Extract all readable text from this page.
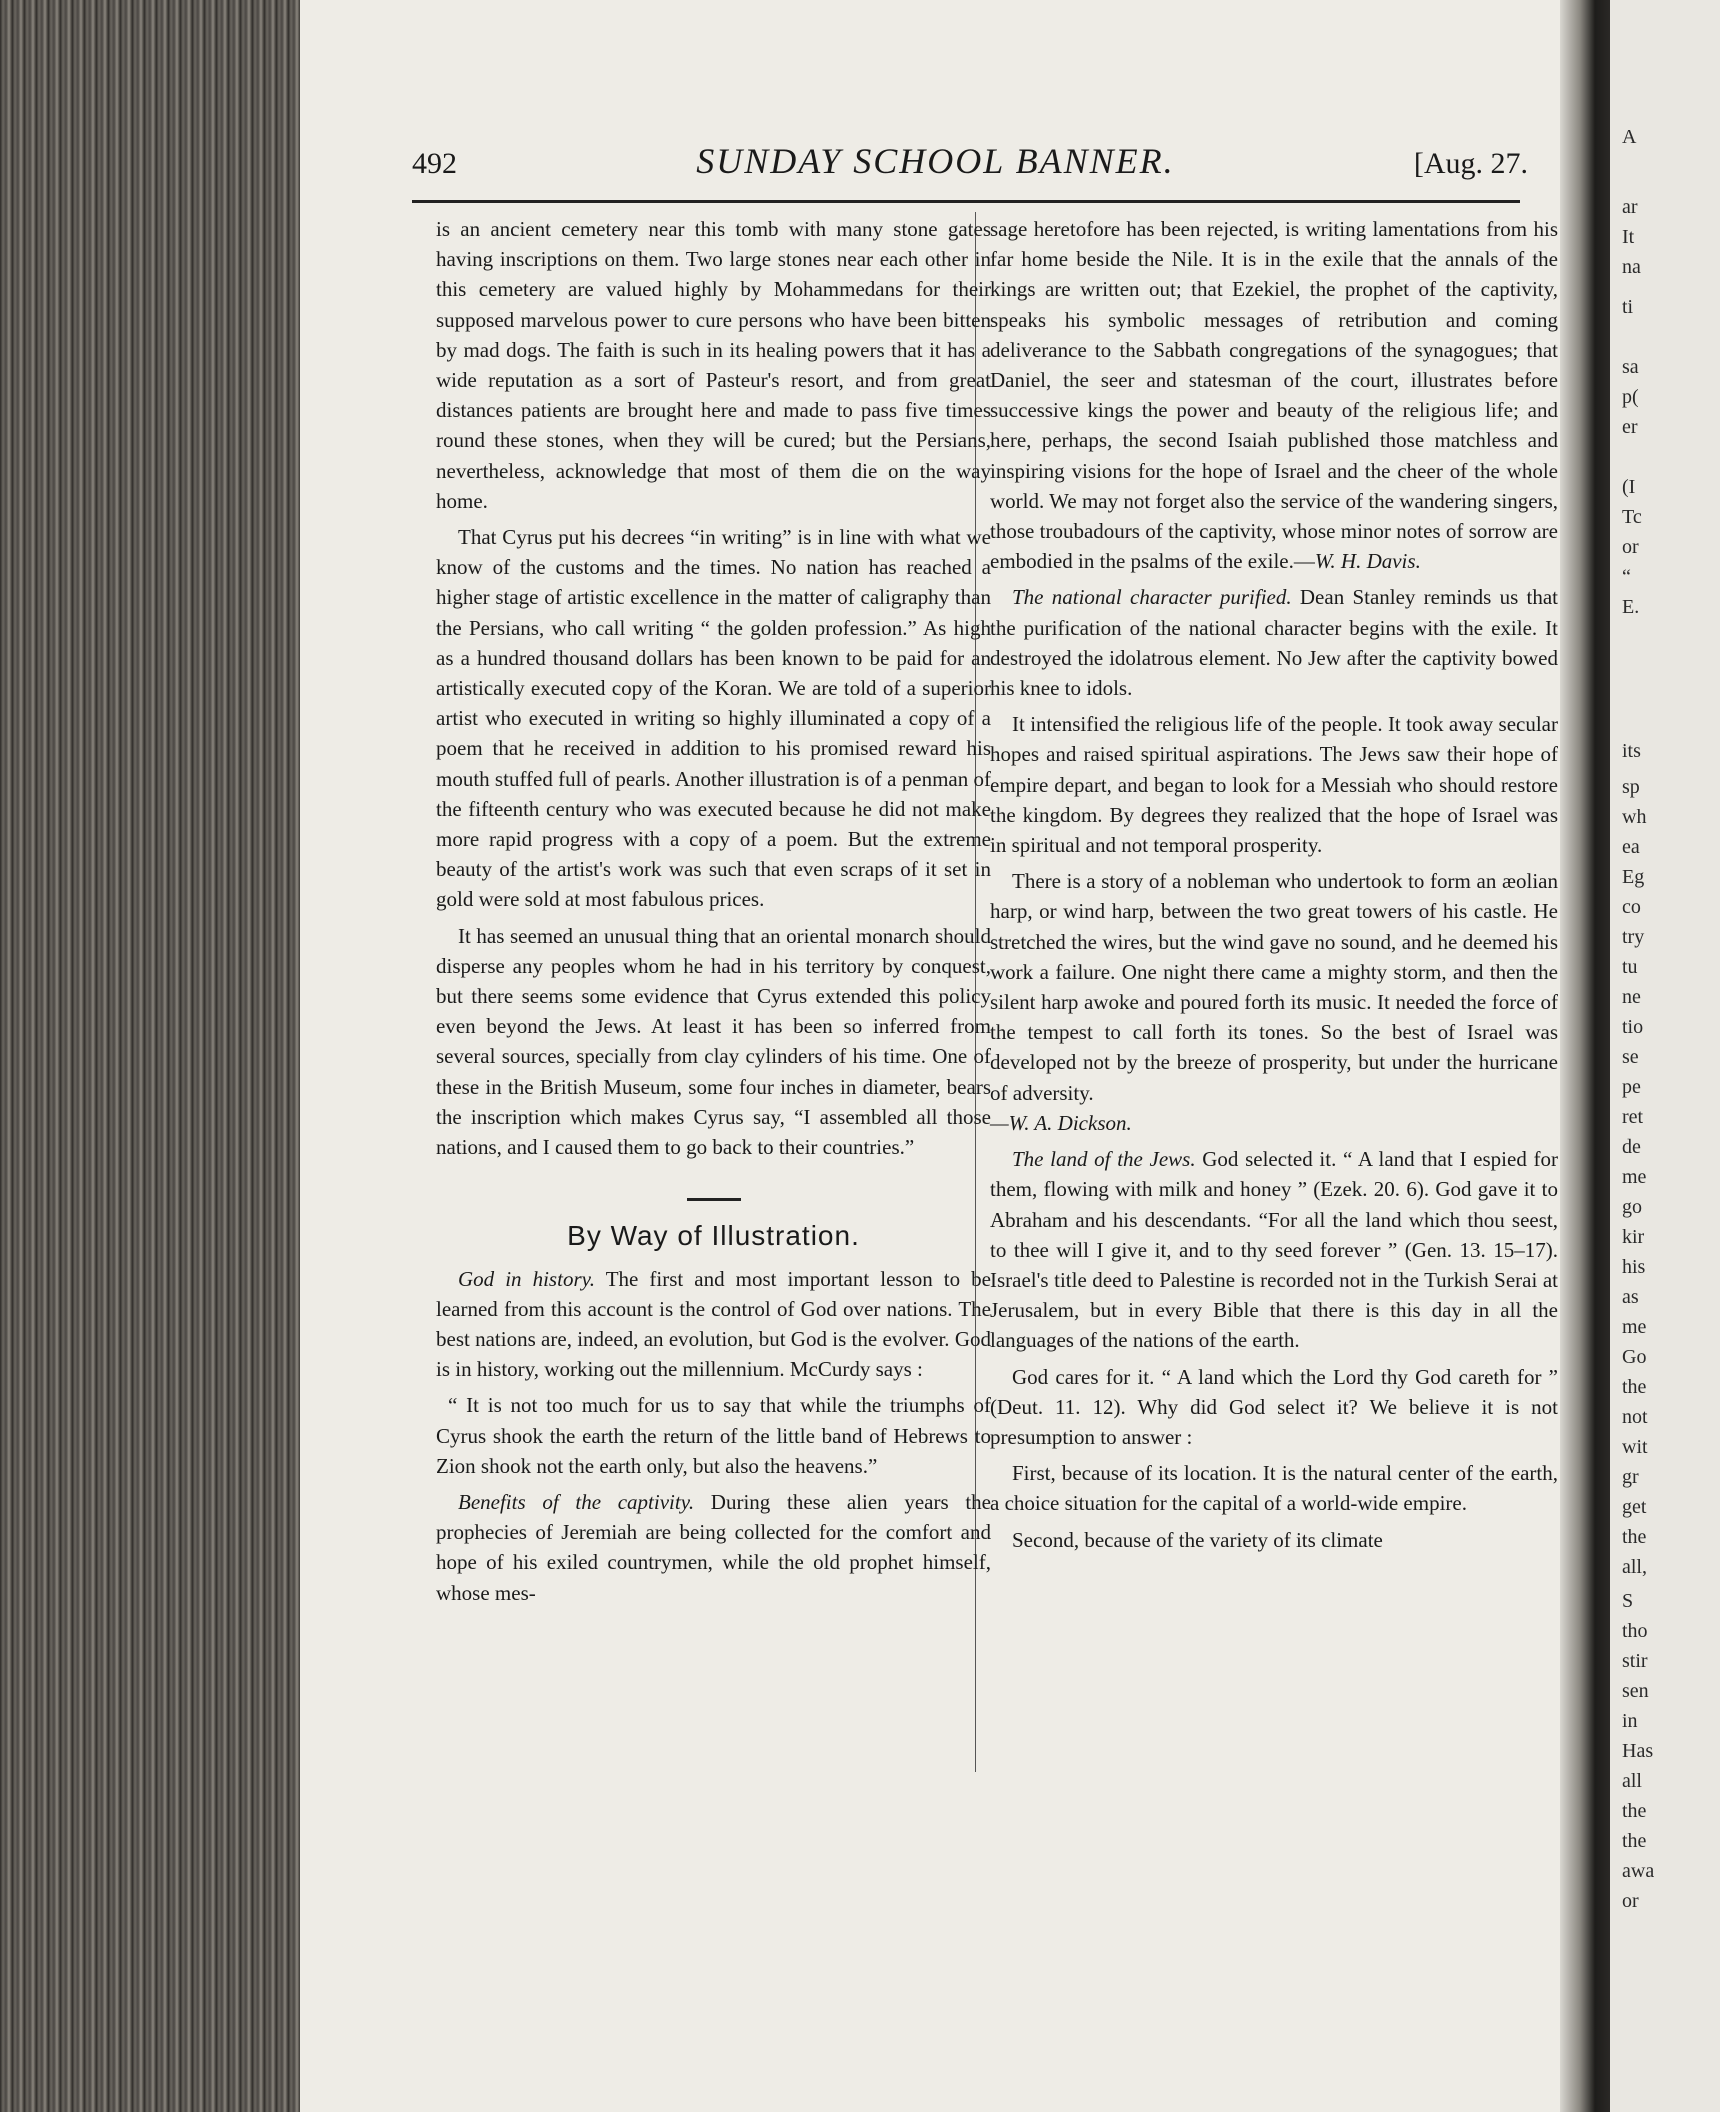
492	SUNDAY SCHOOL BANNER.	[Aug. 27.

is an ancient cemetery near this tomb with many stone gates having inscriptions on them. Two large stones near each other in this cemetery are valued highly by Mohammedans for their supposed marvelous power to cure persons who have been bitten by mad dogs. The faith is such in its healing powers that it has a wide reputation as a sort of Pasteur's resort, and from great distances patients are brought here and made to pass five times round these stones, when they will be cured; but the Persians, nevertheless, acknowledge that most of them die on the way home.

That Cyrus put his decrees “in writing” is in line with what we know of the customs and the times. No nation has reached a higher stage of artistic excellence in the matter of caligraphy than the Persians, who call writing “ the golden profession.” As high as a hundred thousand dollars has been known to be paid for an artistically executed copy of the Koran. We are told of a superior artist who executed in writing so highly illuminated a copy of a poem that he received in addition to his promised reward his mouth stuffed full of pearls. Another illustration is of a penman of the fifteenth century who was executed because he did not make more rapid progress with a copy of a poem. But the extreme beauty of the artist's work was such that even scraps of it set in gold were sold at most fabulous prices.

It has seemed an unusual thing that an oriental monarch should disperse any peoples whom he had in his territory by conquest, but there seems some evidence that Cyrus extended this policy even beyond the Jews. At least it has been so inferred from several sources, specially from clay cylinders of his time. One of these in the British Museum, some four inches in diameter, bears the inscription which makes Cyrus say, “I assembled all those nations, and I caused them to go back to their countries.”

By Way of Illustration.

God in history. The first and most important lesson to be learned from this account is the control of God over nations. The best nations are, indeed, an evolution, but God is the evolver. God is in history, working out the millennium. McCurdy says :

“ It is not too much for us to say that while the triumphs of Cyrus shook the earth the return of the little band of Hebrews to Zion shook not the earth only, but also the heavens.”

Benefits of the captivity. During these alien years the prophecies of Jeremiah are being collected for the comfort and hope of his exiled countrymen, while the old prophet himself, whose mes-

sage heretofore has been rejected, is writing lamentations from his far home beside the Nile. It is in the exile that the annals of the kings are written out; that Ezekiel, the prophet of the captivity, speaks his symbolic messages of retribution and coming deliverance to the Sabbath congregations of the synagogues; that Daniel, the seer and statesman of the court, illustrates before successive kings the power and beauty of the religious life; and here, perhaps, the second Isaiah published those matchless and inspiring visions for the hope of Israel and the cheer of the whole world. We may not forget also the service of the wandering singers, those troubadours of the captivity, whose minor notes of sorrow are embodied in the psalms of the exile.—W. H. Davis.

The national character purified. Dean Stanley reminds us that the purification of the national character begins with the exile. It destroyed the idolatrous element. No Jew after the captivity bowed his knee to idols.

It intensified the religious life of the people. It took away secular hopes and raised spiritual aspirations. The Jews saw their hope of empire depart, and began to look for a Messiah who should restore the kingdom. By degrees they realized that the hope of Israel was in spiritual and not temporal prosperity.

There is a story of a nobleman who undertook to form an æolian harp, or wind harp, between the two great towers of his castle. He stretched the wires, but the wind gave no sound, and he deemed his work a failure. One night there came a mighty storm, and then the silent harp awoke and poured forth its music. It needed the force of the tempest to call forth its tones. So the best of Israel was developed not by the breeze of prosperity, but under the hurricane of adversity.
—W. A. Dickson.

The land of the Jews. God selected it. “ A land that I espied for them, flowing with milk and honey ” (Ezek. 20. 6). God gave it to Abraham and his descendants. “For all the land which thou seest, to thee will I give it, and to thy seed forever ” (Gen. 13. 15–17). Israel's title deed to Palestine is recorded not in the Turkish Serai at Jerusalem, but in every Bible that there is this day in all the languages of the nations of the earth.

God cares for it. “ A land which the Lord thy God careth for ” (Deut. 11. 12). Why did God select it? We believe it is not presumption to answer :

First, because of its location. It is the natural center of the earth, a choice situation for the capital of a world-wide empire.

Second, because of the variety of its climate

A
ar
It
na
ti
sa
p(
er
(I
Tc
or
“
E.
its
sp
wh
ea
Eg
co
try
tu
ne
tio
se
pe
ret
de
me
go
kir
his
as
me
Go
the
not
wit
gr
get
the
all,
S
tho
stir
sen
in
Has
all
the
the
awa
or
